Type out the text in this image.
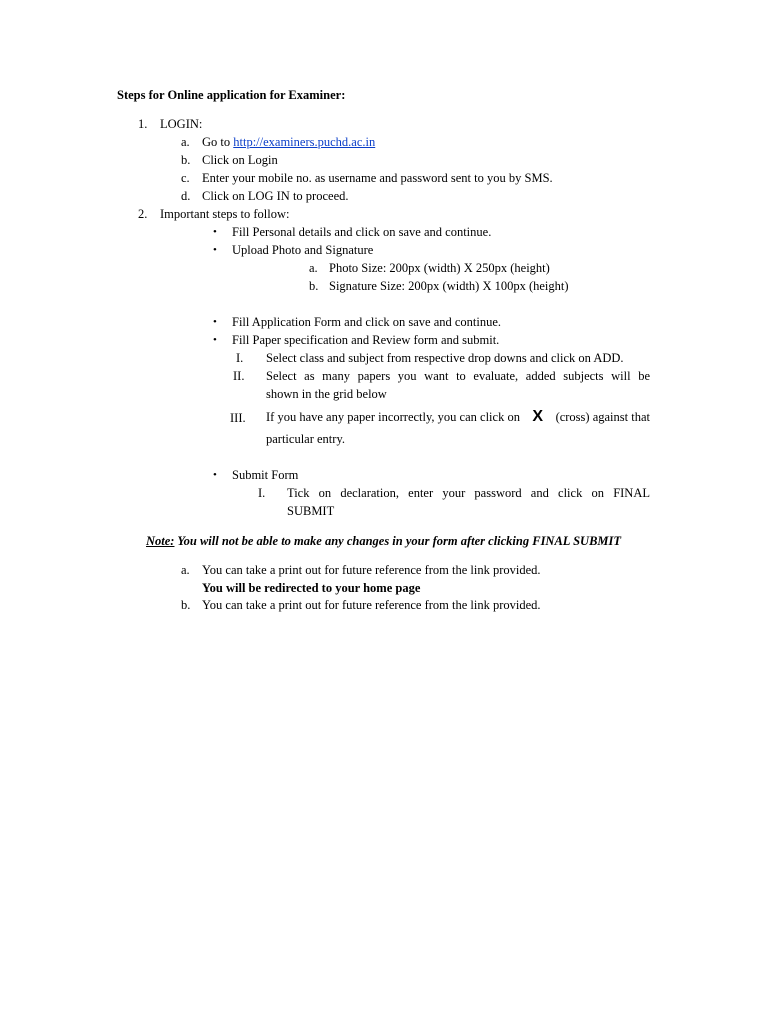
Steps for Online application for Examiner:
1. LOGIN:
a. Go to http://examiners.puchd.ac.in
b. Click on Login
c. Enter your mobile no. as username and password sent to you by SMS.
d. Click on LOG IN to proceed.
2. Important steps to follow:
• Fill Personal details and click on save and continue.
• Upload Photo and Signature
a. Photo Size: 200px (width) X 250px (height)
b. Signature Size: 200px (width) X 100px (height)
• Fill Application Form and click on save and continue.
• Fill Paper specification and Review form and submit.
I. Select class and subject from respective drop downs and click on ADD.
II. Select as many papers you want to evaluate, added subjects will be
shown in the grid below
III. If you have any paper incorrectly, you can click on X (cross) against that
particular entry.
• Submit Form
I. Tick on declaration, enter your password and click on FINAL
SUBMIT
Note: You will not be able to make any changes in your form after clicking FINAL SUBMIT
a. You can take a print out for future reference from the link provided.
You will be redirected to your home page
b. You can take a print out for future reference from the link provided.
